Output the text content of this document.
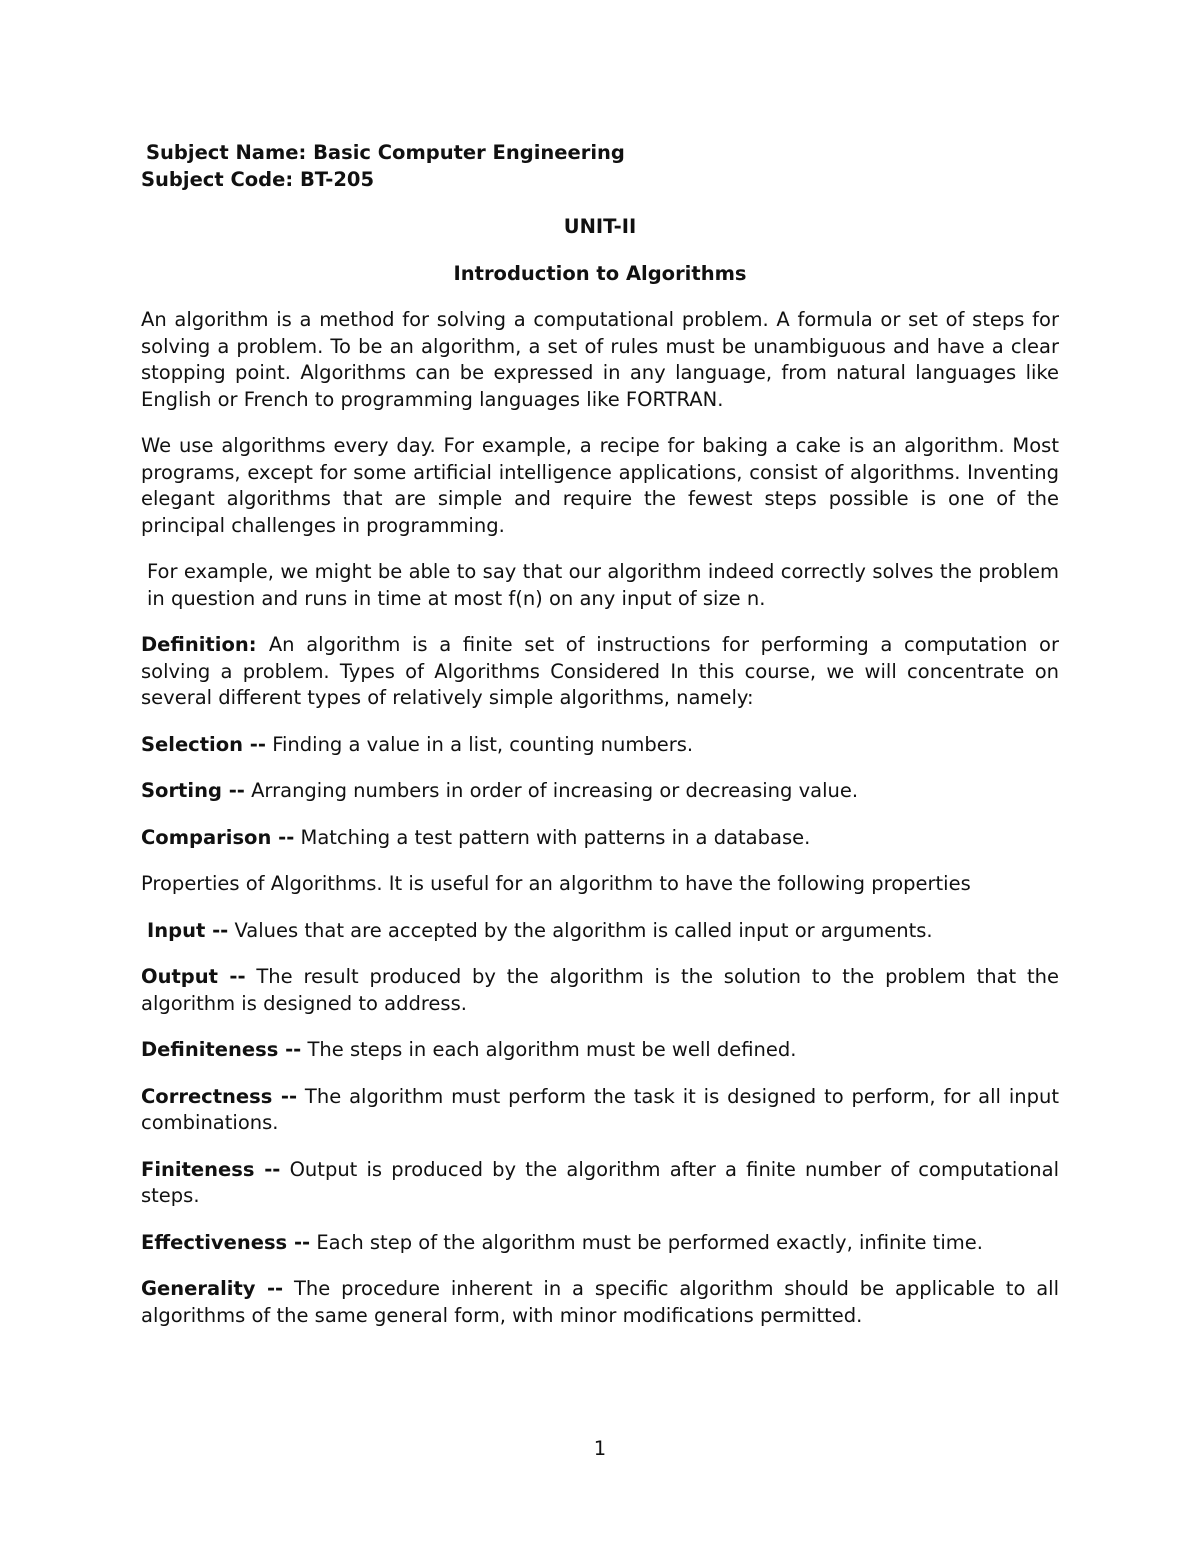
Subject Name: Basic Computer Engineering

Subject Code: BT-205

UNIT-II

Introduction to Algorithms

An algorithm is a method for solving a computational problem. A formula or set of steps for solving a problem. To be an algorithm, a set of rules must be unambiguous and have a clear stopping point. Algorithms can be expressed in any language, from natural languages like English or French to programming languages like FORTRAN.

We use algorithms every day. For example, a recipe for baking a cake is an algorithm. Most programs, except for some artificial intelligence applications, consist of algorithms. Inventing elegant algorithms that are simple and require the fewest steps possible is one of the principal challenges in programming.

For example, we might be able to say that our algorithm indeed correctly solves the problem in question and runs in time at most f(n) on any input of size n.

Definition: An algorithm is a finite set of instructions for performing a computation or solving a problem. Types of Algorithms Considered In this course, we will concentrate on several different types of relatively simple algorithms, namely:

Selection -- Finding a value in a list, counting numbers.

Sorting -- Arranging numbers in order of increasing or decreasing value.

Comparison -- Matching a test pattern with patterns in a database.

Properties of Algorithms. It is useful for an algorithm to have the following properties

Input -- Values that are accepted by the algorithm is called input or arguments.

Output -- The result produced by the algorithm is the solution to the problem that the algorithm is designed to address.

Definiteness -- The steps in each algorithm must be well defined.

Correctness -- The algorithm must perform the task it is designed to perform, for all input combinations.

Finiteness -- Output is produced by the algorithm after a finite number of computational steps.

Effectiveness -- Each step of the algorithm must be performed exactly, infinite time.

Generality -- The procedure inherent in a specific algorithm should be applicable to all algorithms of the same general form, with minor modifications permitted.

1
